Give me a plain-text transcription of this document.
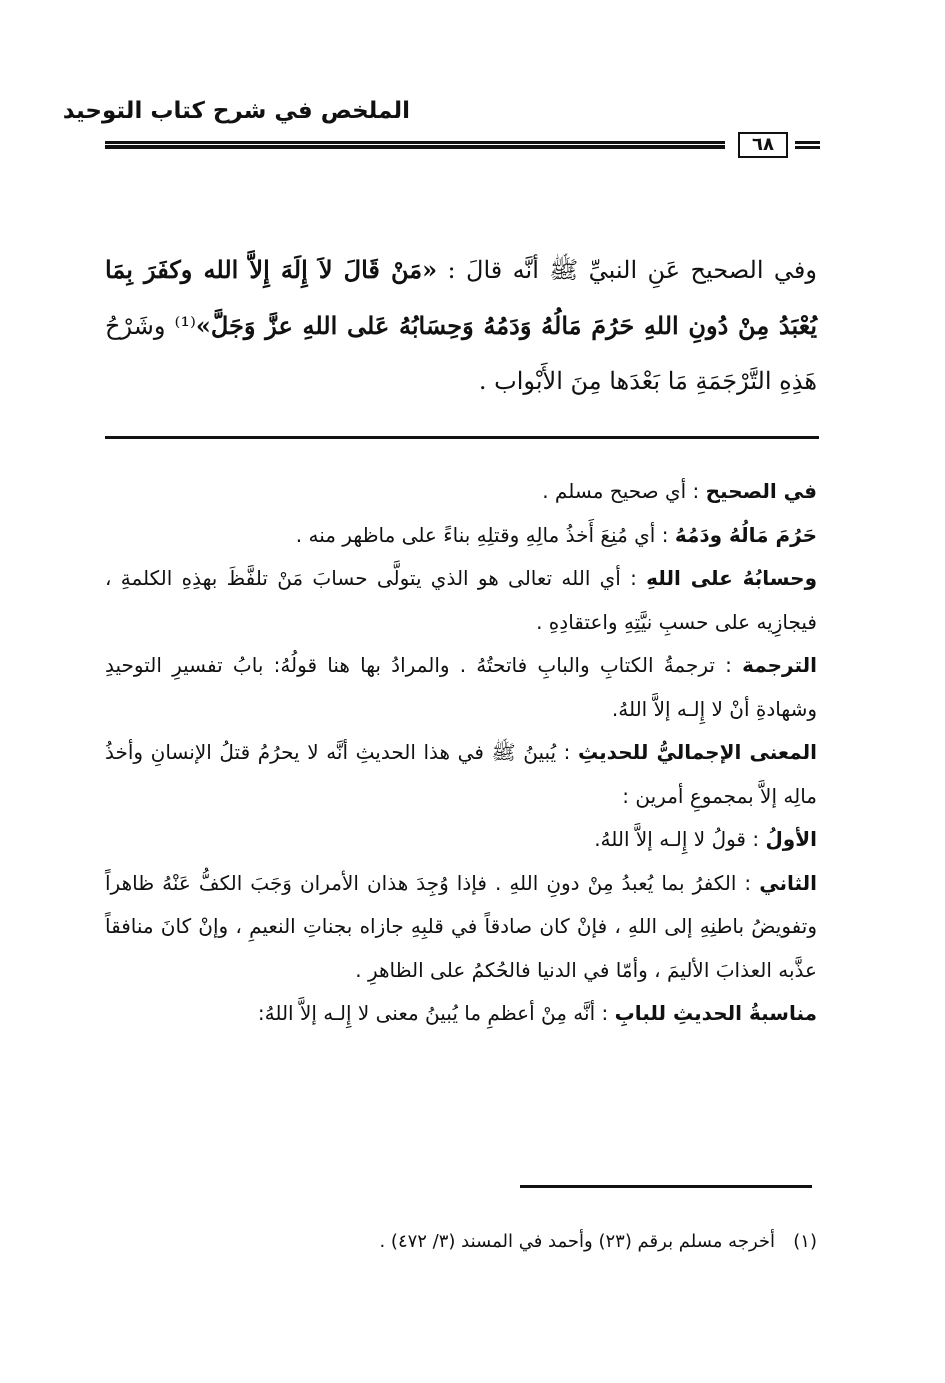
الملخص في شرح كتاب التوحيد
٦٨
وفي الصحيح عَنِ النبيِّ ﷺ أنَّه قالَ : «مَنْ قَالَ لاَ إِلَهَ إِلاَّ الله وكفَرَ بِمَا يُعْبَدُ مِنْ دُونِ اللهِ حَرُمَ مَالُهُ وَدَمُهُ وَحِسَابُهُ عَلى اللهِ عزَّ وَجَلَّ»⁽¹⁾ وشَرْحُ هَذِهِ التَّرْجَمَةِ مَا بَعْدَها مِنَ الأَبْواب .

في الصحيح : أي صحيح مسلم .

حَرُمَ مَالُهُ ودَمُهُ : أي مُنِعَ أَخذُ مالِهِ وقتلِهِ بناءً على ماظهر منه .

وحسابُهُ على اللهِ : أي الله تعالى هو الذي يتولَّى حسابَ مَنْ تلفَّظَ بهذِهِ الكلمةِ ، فيجازِيه على حسبِ نيَّتِهِ واعتقادِهِ .

الترجمة : ترجمةُ الكتابِ والبابِ فاتحتُهُ . والمرادُ بها هنا قولُهُ: بابُ تفسيرِ التوحيدِ وشهادةِ أنْ لا إِلـه إلاَّ اللهُ.

المعنى الإجماليُّ للحديثِ : يُبينُ ﷺ في هذا الحديثِ أنَّه لا يحرُمُ قتلُ الإنسانِ وأخذُ مالِه إلاَّ بمجموعِ أمرين :

الأولُ : قولُ لا إِلـه إلاَّ اللهُ.

الثاني : الكفرُ بما يُعبدُ مِنْ دونِ اللهِ . فإذا وُجِدَ هذان الأمران وَجَبَ الكفُّ عَنْهُ ظاهراً وتفويضُ باطنِهِ إلى اللهِ ، فإنْ كان صادقاً في قلبِهِ جازاه بجناتِ النعيمِ ، وإنْ كانَ منافقاً عذَّبه العذابَ الأليمَ ، وأمّا في الدنيا فالحُكمُ على الظاهرِ .

مناسبةُ الحديثِ للبابِ : أنَّه مِنْ أعظمِ ما يُبينُ معنى لا إِلـه إلاَّ اللهُ:

(١)أخرجه مسلم برقم (٢٣) وأحمد في المسند (٣/ ٤٧٢) .
